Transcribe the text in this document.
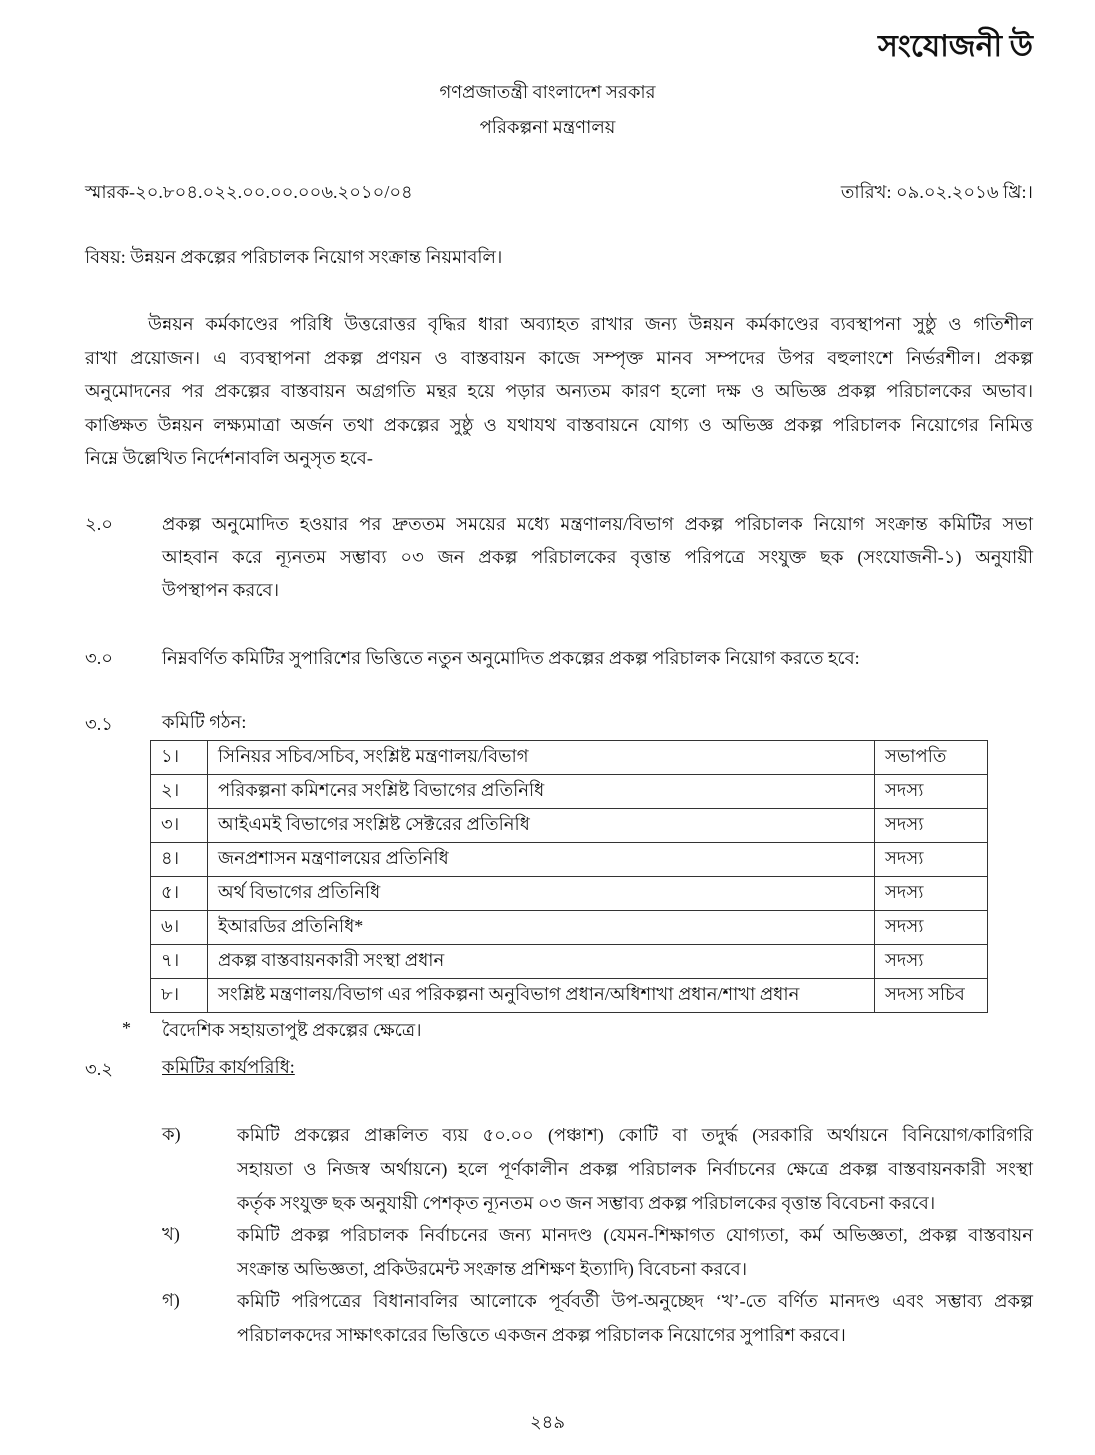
সংযোজনী উ
গণপ্রজাতন্ত্রী বাংলাদেশ সরকার
পরিকল্পনা মন্ত্রণালয়
স্মারক-২০.৮০৪.০২২.০০.০০.০০৬.২০১০/০৪	তারিখ: ০৯.০২.২০১৬ খ্রি:।
বিষয়: উন্নয়ন প্রকল্পের পরিচালক নিয়োগ সংক্রান্ত নিয়মাবলি।

উন্নয়ন কর্মকাণ্ডের পরিধি উত্তরোত্তর বৃদ্ধির ধারা অব্যাহত রাখার জন্য উন্নয়ন কর্মকাণ্ডের ব্যবস্থাপনা সুষ্ঠু ও গতিশীল

রাখা প্রয়োজন। এ ব্যবস্থাপনা প্রকল্প প্রণয়ন ও বাস্তবায়ন কাজে সম্পৃক্ত মানব সম্পদের উপর বহুলাংশে নির্ভরশীল। প্রকল্প

অনুমোদনের পর প্রকল্পের বাস্তবায়ন অগ্রগতি মন্থর হয়ে পড়ার অন্যতম কারণ হলো দক্ষ ও অভিজ্ঞ প্রকল্প পরিচালকের অভাব।

কাঙ্ক্ষিত উন্নয়ন লক্ষ্যমাত্রা অর্জন তথা প্রকল্পের সুষ্ঠু ও যথাযথ বাস্তবায়নে যোগ্য ও অভিজ্ঞ প্রকল্প পরিচালক নিয়োগের নিমিত্ত

নিম্নে উল্লেখিত নির্দেশনাবলি অনুসৃত হবে-

২.০	প্রকল্প অনুমোদিত হওয়ার পর দ্রুততম সময়ের মধ্যে মন্ত্রণালয়/বিভাগ প্রকল্প পরিচালক নিয়োগ সংক্রান্ত কমিটির সভা
আহবান করে ন্যূনতম সম্ভাব্য ০৩ জন প্রকল্প পরিচালকের বৃত্তান্ত পরিপত্রে সংযুক্ত ছক (সংযোজনী-১) অনুযায়ী
উপস্থাপন করবে।
৩.০	নিম্নবর্ণিত কমিটির সুপারিশের ভিত্তিতে নতুন অনুমোদিত প্রকল্পের প্রকল্প পরিচালক নিয়োগ করতে হবে:
৩.১	কমিটি গঠন:
১।	সিনিয়র সচিব/সচিব, সংশ্লিষ্ট মন্ত্রণালয়/বিভাগ	সভাপতি
২।	পরিকল্পনা কমিশনের সংশ্লিষ্ট বিভাগের প্রতিনিধি	সদস্য
৩।	আইএমই বিভাগের সংশ্লিষ্ট সেক্টরের প্রতিনিধি	সদস্য
৪।	জনপ্রশাসন মন্ত্রণালয়ের প্রতিনিধি	সদস্য
৫।	অর্থ বিভাগের প্রতিনিধি	সদস্য
৬।	ইআরডির প্রতিনিধি*	সদস্য
৭।	প্রকল্প বাস্তবায়নকারী সংস্থা প্রধান	সদস্য
৮।	সংশ্লিষ্ট মন্ত্রণালয়/বিভাগ এর পরিকল্পনা অনুবিভাগ প্রধান/অধিশাখা প্রধান/শাখা প্রধান	সদস্য সচিব
* বৈদেশিক সহায়তাপুষ্ট প্রকল্পের ক্ষেত্রে।
৩.২	কমিটির কার্যপরিধি:
ক)	কমিটি প্রকল্পের প্রাক্কলিত ব্যয় ৫০.০০ (পঞ্চাশ) কোটি বা তদুর্দ্ধ (সরকারি অর্থায়নে বিনিয়োগ/কারিগরি
সহায়তা ও নিজস্ব অর্থায়নে) হলে পূর্ণকালীন প্রকল্প পরিচালক নির্বাচনের ক্ষেত্রে প্রকল্প বাস্তবায়নকারী সংস্থা
কর্তৃক সংযুক্ত ছক অনুযায়ী পেশকৃত ন্যূনতম ০৩ জন সম্ভাব্য প্রকল্প পরিচালকের বৃত্তান্ত বিবেচনা করবে।
খ)	কমিটি প্রকল্প পরিচালক নির্বাচনের জন্য মানদণ্ড (যেমন-শিক্ষাগত যোগ্যতা, কর্ম অভিজ্ঞতা, প্রকল্প বাস্তবায়ন
সংক্রান্ত অভিজ্ঞতা, প্রকিউরমেন্ট সংক্রান্ত প্রশিক্ষণ ইত্যাদি) বিবেচনা করবে।
গ)	কমিটি পরিপত্রের বিধানাবলির আলোকে পূর্ববর্তী উপ-অনুচ্ছেদ ‘খ’-তে বর্ণিত মানদণ্ড এবং সম্ভাব্য প্রকল্প
পরিচালকদের সাক্ষাৎকারের ভিত্তিতে একজন প্রকল্প পরিচালক নিয়োগের সুপারিশ করবে।
২৪৯
